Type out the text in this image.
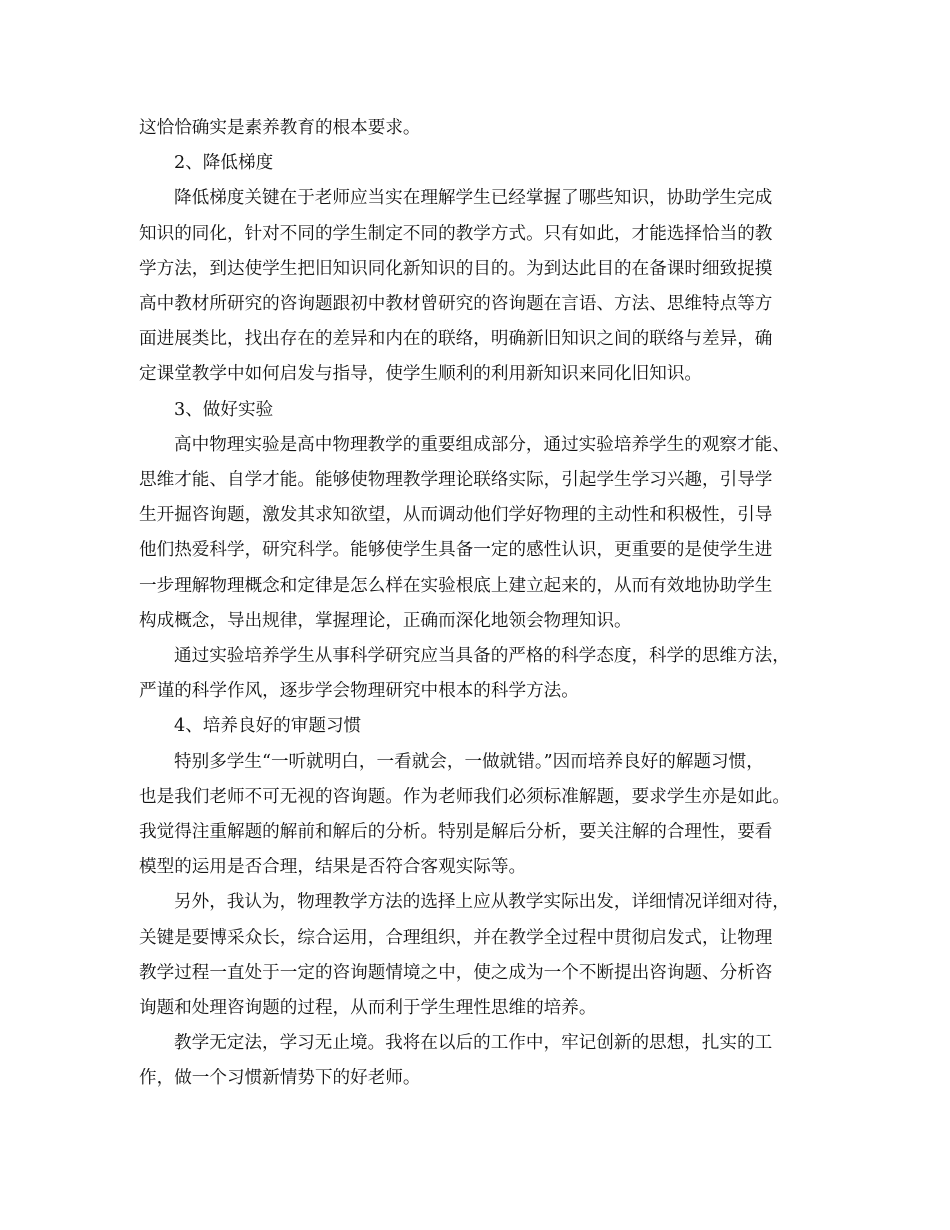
这恰恰确实是素养教育的根本要求。

2、降低梯度

降低梯度关键在于老师应当实在理解学生已经掌握了哪些知识，协助学生完成

知识的同化，针对不同的学生制定不同的教学方式。只有如此，才能选择恰当的教

学方法，到达使学生把旧知识同化新知识的目的。为到达此目的在备课时细致捉摸

高中教材所研究的咨询题跟初中教材曾研究的咨询题在言语、方法、思维特点等方

面进展类比，找出存在的差异和内在的联络，明确新旧知识之间的联络与差异，确

定课堂教学中如何启发与指导，使学生顺利的利用新知识来同化旧知识。

3、做好实验

高中物理实验是高中物理教学的重要组成部分，通过实验培养学生的观察才能、

思维才能、自学才能。能够使物理教学理论联络实际，引起学生学习兴趣，引导学

生开掘咨询题，激发其求知欲望，从而调动他们学好物理的主动性和积极性，引导

他们热爱科学，研究科学。能够使学生具备一定的感性认识，更重要的是使学生进

一步理解物理概念和定律是怎么样在实验根底上建立起来的，从而有效地协助学生

构成概念，导出规律，掌握理论，正确而深化地领会物理知识。

通过实验培养学生从事科学研究应当具备的严格的科学态度，科学的思维方法，

严谨的科学作风，逐步学会物理研究中根本的科学方法。

4、培养良好的审题习惯

特别多学生“一听就明白，一看就会，一做就错。”因而培养良好的解题习惯，

也是我们老师不可无视的咨询题。作为老师我们必须标准解题，要求学生亦是如此。

我觉得注重解题的解前和解后的分析。特别是解后分析，要关注解的合理性，要看

模型的运用是否合理，结果是否符合客观实际等。

另外，我认为，物理教学方法的选择上应从教学实际出发，详细情况详细对待，

关键是要博采众长，综合运用，合理组织，并在教学全过程中贯彻启发式，让物理

教学过程一直处于一定的咨询题情境之中，使之成为一个不断提出咨询题、分析咨

询题和处理咨询题的过程，从而利于学生理性思维的培养。

教学无定法，学习无止境。我将在以后的工作中，牢记创新的思想，扎实的工

作，做一个习惯新情势下的好老师。
